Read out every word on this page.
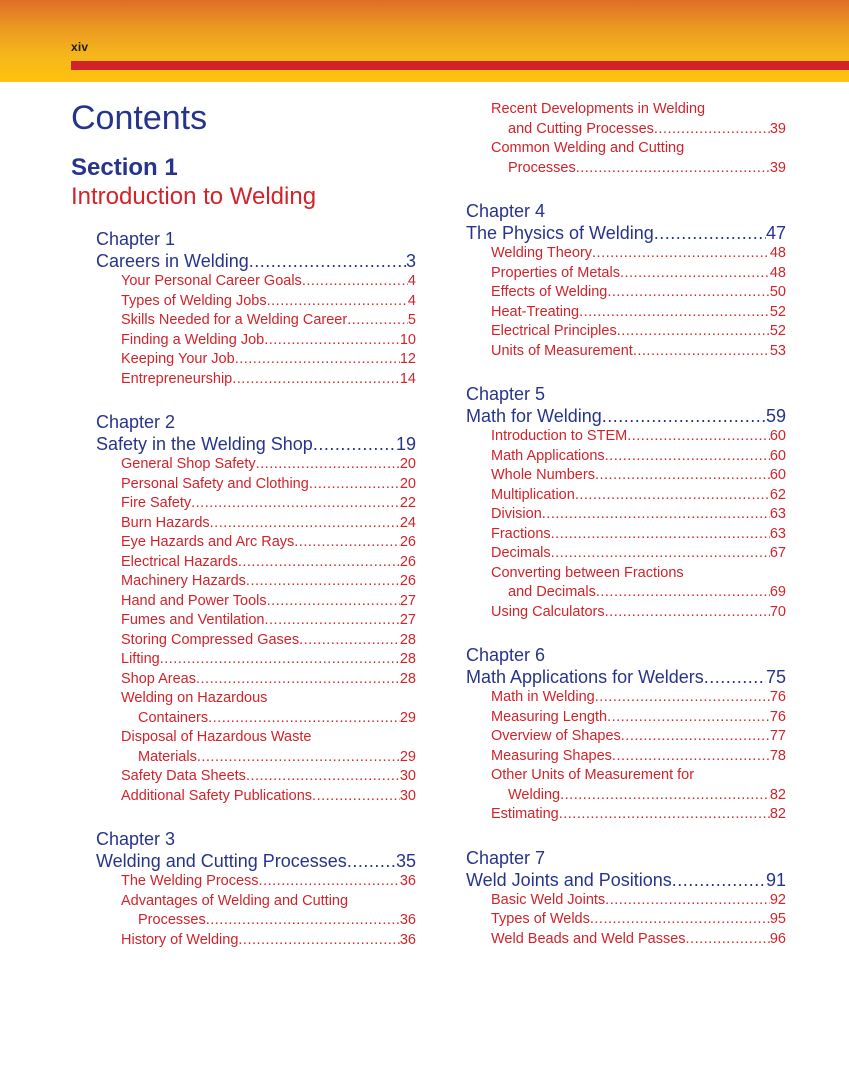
xiv
Contents
Section 1
Introduction to Welding
Chapter 1
Careers in Welding .....	3
Your Personal Career Goals .....	4
Types of Welding Jobs .....	4
Skills Needed for a Welding Career .....	5
Finding a Welding Job .....	10
Keeping Your Job .....	12
Entrepreneurship .....	14
Chapter 2
Safety in the Welding Shop .....	19
General Shop Safety .....	20
Personal Safety and Clothing .....	20
Fire Safety .....	22
Burn Hazards .....	24
Eye Hazards and Arc Rays .....	26
Electrical Hazards .....	26
Machinery Hazards .....	26
Hand and Power Tools .....	27
Fumes and Ventilation .....	27
Storing Compressed Gases .....	28
Lifting .....	28
Shop Areas .....	28
Welding on Hazardous
Containers .....	29
Disposal of Hazardous Waste
Materials .....	29
Safety Data Sheets .....	30
Additional Safety Publications .....	30
Chapter 3
Welding and Cutting Processes .....	35
The Welding Process .....	36
Advantages of Welding and Cutting
Processes .....	36
History of Welding .....	36
Recent Developments in Welding
and Cutting Processes .....	39
Common Welding and Cutting
Processes .....	39
Chapter 4
The Physics of Welding .....	47
Welding Theory .....	48
Properties of Metals .....	48
Effects of Welding .....	50
Heat-Treating .....	52
Electrical Principles .....	52
Units of Measurement .....	53
Chapter 5
Math for Welding .....	59
Introduction to STEM .....	60
Math Applications .....	60
Whole Numbers .....	60
Multiplication .....	62
Division .....	63
Fractions .....	63
Decimals .....	67
Converting between Fractions
and Decimals .....	69
Using Calculators .....	70
Chapter 6
Math Applications for Welders .....	75
Math in Welding .....	76
Measuring Length .....	76
Overview of Shapes .....	77
Measuring Shapes .....	78
Other Units of Measurement for
Welding .....	82
Estimating .....	82
Chapter 7
Weld Joints and Positions .....	91
Basic Weld Joints .....	92
Types of Welds .....	95
Weld Beads and Weld Passes .....	96
